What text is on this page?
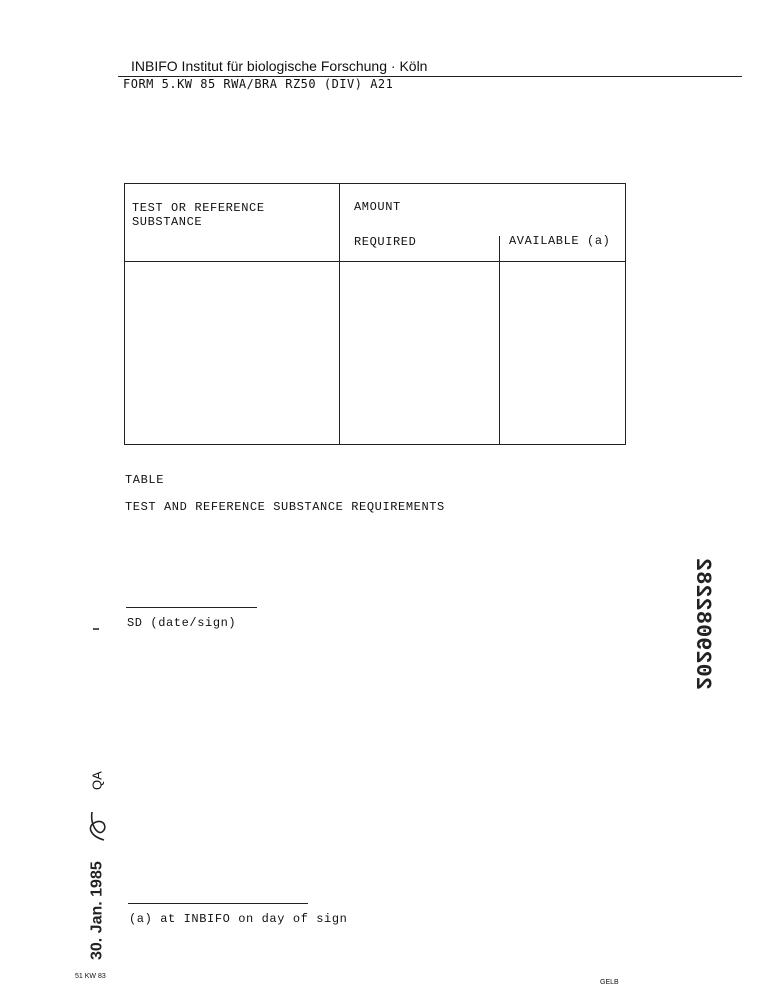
INBIFO Institut für biologische Forschung · Köln
FORM 5.KW 85 RWA/BRA RZ50 (DIV) A21
TEST OR REFERENCE
SUBSTANCE
AMOUNT
REQUIRED	AVAILABLE (a)
TABLE
TEST AND REFERENCE SUBSTANCE REQUIREMENTS
SD (date/sign)
(a) at INBIFO on day of sign
30. Jan. 1985  QA
2029082282
51 KW 83
GELB
